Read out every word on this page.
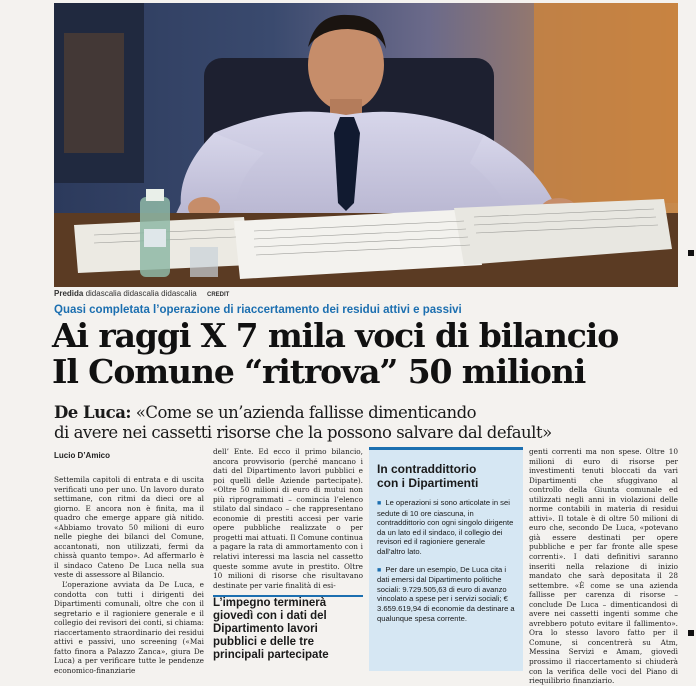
Predida didascalia didascalia didascalia CREDIT
Quasi completata l’operazione di riaccertamento dei residui attivi e passivi
Ai raggi X 7 mila voci di bilancio
Il Comune “ritrova” 50 milioni
De Luca: «Come se un’azienda fallisse dimenticando
di avere nei cassetti risorse che la possono salvare dal default»
Lucio D’Amico

Settemila capitoli di entrata e di uscita verificati uno per uno. Un lavoro durato settimane, con ritmi da dieci ore al giorno. E ancora non è finita, ma il quadro che emerge appare già nitido. «Abbiamo trovato 50 milioni di euro nelle pieghe dei bilanci del Comune, accantonati, non utilizzati, fermi da chissà quanto tempo». Ad affermarlo è il sindaco Cateno De Luca nella sua veste di assessore al Bilancio.

L’operazione avviata da De Luca, e condotta con tutti i dirigenti dei Dipartimenti comunali, oltre che con il segretario e il ragioniere generale e il collegio dei revisori dei conti, si chiama: riaccertamento straordinario dei residui attivi e passivi, uno screening («Mai fatto finora a Palazzo Zanca», giura De Luca) a per verificare tutte le pendenze economico-finanziarie

dell’ Ente. Ed ecco il primo bilancio, ancora provvisorio (perché mancano i dati del Dipartimento lavori pubblici e poi quelli delle Aziende partecipate). «Oltre 50 milioni di euro di mutui non più riprogrammati – comincia l’elenco stilato dal sindaco – che rappresentano economie di prestiti accesi per varie opere pubbliche realizzate o per progetti mai attuati. Il Comune continua a pagare la rata di ammortamento con i relativi interessi ma lascia nel cassetto queste somme avute in prestito. Oltre 10 milioni di risorse che risultavano destinate per varie finalità di esi-

L’impegno terminerà
giovedì con i dati del
Dipartimento lavori
pubblici e delle tre
principali partecipate
In contraddittorio
con i Dipartimenti
■ Le operazioni si sono articolate in sei sedute di 10 ore ciascuna, in contraddittorio con ogni singolo dirigente da un lato ed il sindaco, il collegio dei revisori ed il ragioniere generale dall’altro lato.
■ Per dare un esempio, De Luca cita i dati emersi dal Dipartimento politiche sociali: 9.729.505,63 di euro di avanzo vincolato a spese per i servizi sociali; € 3.659.619,94 di economie da destinare a qualunque spesa corrente.

genti correnti ma non spese. Oltre 10 milioni di euro di risorse per investimenti tenuti bloccati da vari Dipartimenti che sfuggivano al controllo della Giunta comunale ed utilizzati negli anni in violazioni delle norme contabili in materia di residui attivi». Il totale è di oltre 50 milioni di euro che, secondo De Luca, «potevano già essere destinati per opere pubbliche e per far fronte alle spese correnti». I dati definitivi saranno inseriti nella relazione di inizio mandato che sarà depositata il 28 settembre. «È come se una azienda fallisse per carenza di risorse – conclude De Luca – dimenticandosi di avere nei cassetti ingenti somme che avrebbero potuto evitare il fallimento». Ora lo stesso lavoro fatto per il Comune, si concentrerà su Atm, Messina Servizi e Amam, giovedì prossimo il riaccertamento si chiuderà con la verifica delle voci del Piano di riequilibrio finanziario.
